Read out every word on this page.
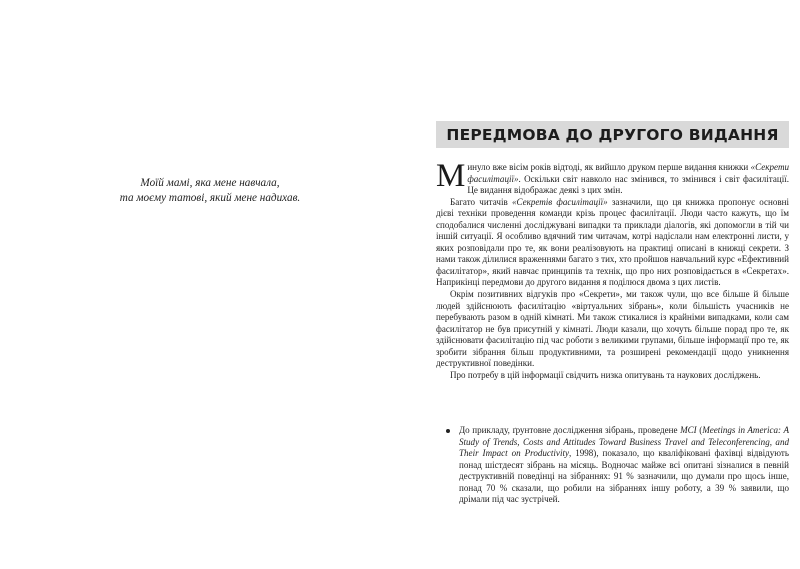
Моїй мамі, яка мене навчала,
та моєму татові, який мене надихав.
ПЕРЕДМОВА ДО ДРУГОГО ВИДАННЯ

Минуло вже вісім років відтоді, як вийшло друком перше видання книжки «Секрети фасилітації». Оскільки світ навколо нас змінився, то змінився і світ фасилітації. Це видання відображає деякі з цих змін.

Багато читачів «Секретів фасилітації» зазначили, що ця книжка пропонує основні дієві техніки проведення команди крізь процес фасилітації. Люди часто кажуть, що їм сподобалися численні досліджувані випадки та приклади діалогів, які допомогли в тій чи іншій ситуації. Я особливо вдячний тим читачам, котрі надіслали нам електронні листи, у яких розповідали про те, як вони реалізовують на практиці описані в книжці секрети. З нами також ділилися враженнями багато з тих, хто пройшов навчальний курс «Ефективний фасилітатор», який навчає принципів та технік, що про них розповідається в «Секретах». Наприкінці передмови до другого видання я поділюся двома з цих листів.

Окрім позитивних відгуків про «Секрети», ми також чули, що все більше й більше людей здійснюють фасилітацію «віртуальних зібрань», коли більшість учасників не перебувають разом в одній кімнаті. Ми також стикалися із крайніми випадками, коли сам фасилітатор не був присутній у кімнаті. Люди казали, що хочуть більше порад про те, як здійснювати фасилітацію під час роботи з великими групами, більше інформації про те, як зробити зібрання більш продуктивними, та розширені рекомендації щодо уникнення деструктивної поведінки.

Про потребу в цій інформації свідчить низка опитувань та наукових досліджень.

До прикладу, ґрунтовне дослідження зібрань, проведене MCI (Meetings in America: A Study of Trends, Costs and Attitudes Toward Business Travel and Teleconferencing, and Their Impact on Productivity, 1998), показало, що кваліфіковані фахівці відвідують понад шістдесят зібрань на місяць. Водночас майже всі опитані зізналися в певній деструктивній поведінці на зібраннях: 91 % зазначили, що думали про щось інше, понад 70 % сказали, що робили на зібраннях іншу роботу, а 39 % заявили, що дрімали під час зустрічей.
